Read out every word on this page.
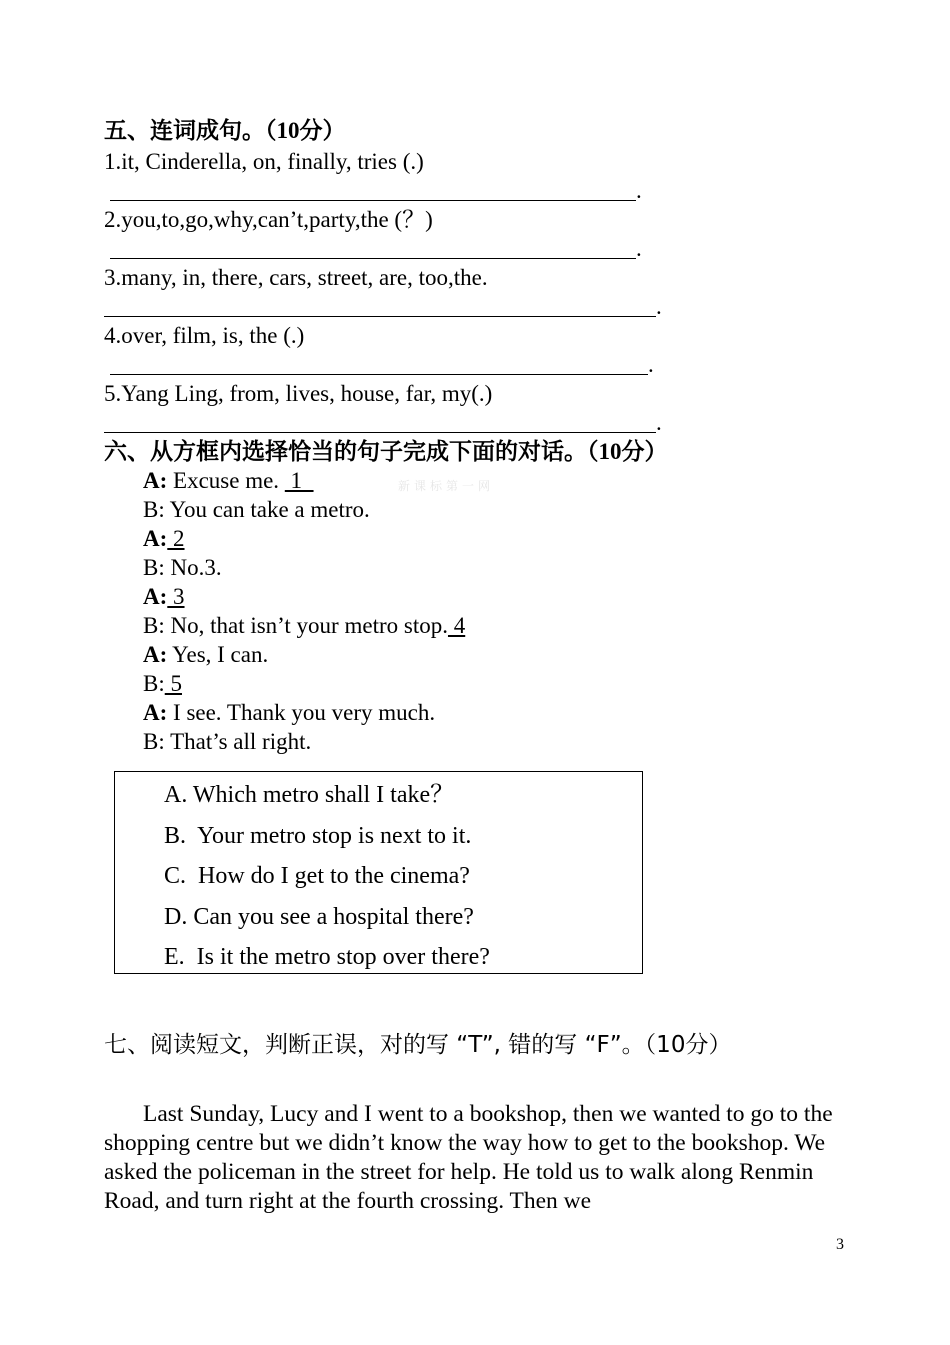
五、连词成句。（10分）
1.it, Cinderella, on, finally, tries (.)
.
2.you,to,go,why,can’t,party,the (？)
.
3.many, in, there, cars, street, are, too,the.
.
4.over, film, is, the (.)
.
5.Yang Ling, from, lives, house, far, my(.)
.
六、从方框内选择恰当的句子完成下面的对话。（10分）
新课标第一网
A: Excuse me.  1
B: You can take a metro.
A: 2
B: No.3.
A: 3
B: No, that isn’t your metro stop. 4
A: Yes, I can.
B: 5
A: I see. Thank you very much.
B: That’s all right.
A. Which metro shall I take？
B.  Your metro stop is next to it.
C.  How do I get to the cinema?
D. Can you see a hospital there?
E.  Is it the metro stop over there?
七、阅读短文，判断正误，对的写 “T”, 错的写 “F”。（10分）

Last Sunday, Lucy and I went to a bookshop, then we wanted to go to the shopping centre but we didn’t know the way how to get to the bookshop. We asked the policeman in the street for help. He told us to walk along Renmin Road, and turn right at the fourth crossing. Then we

3
